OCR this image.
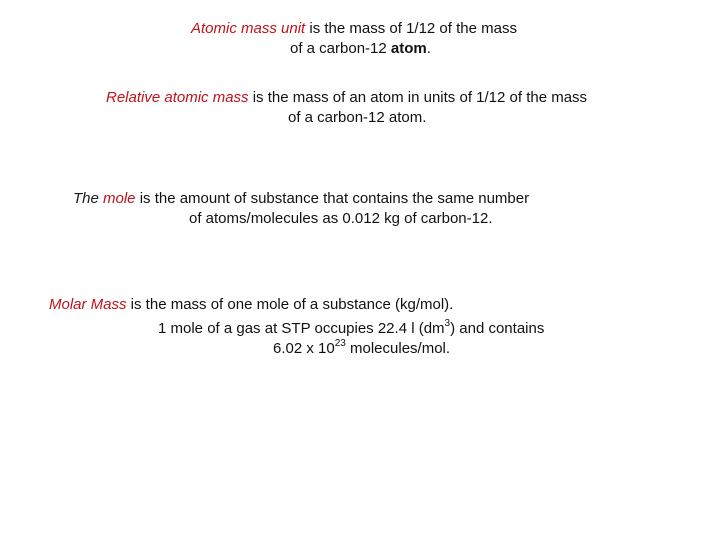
Atomic mass unit is the mass of 1/12 of the mass

of a carbon-12 atom.

Relative atomic mass is the mass of an atom in units of 1/12 of the mass

of a carbon-12 atom.

The mole is the amount of substance that contains the same number

of atoms/molecules as 0.012 kg of carbon-12.

Molar Mass is the mass of one mole of a substance (kg/mol).

1 mole of a gas at STP occupies 22.4 l $(dm^3)$ and contains

6.02 x $10^{23}$ molecules/mol.
